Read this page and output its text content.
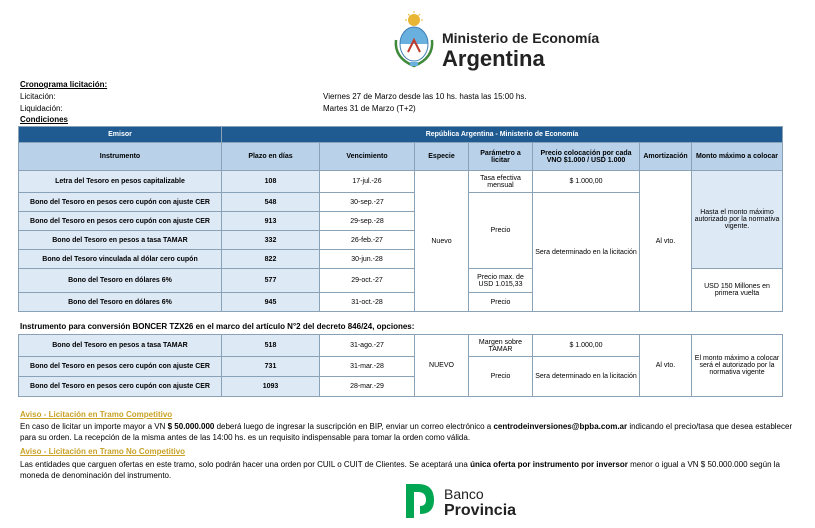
Ministerio de Economía
Argentina
Cronograma licitación:
Licitación:	Viernes 27 de Marzo desde las 10 hs. hasta las 15:00 hs.
Liquidación:	Martes 31 de Marzo (T+2)
Condiciones
Emisor	República Argentina - Ministerio de Economía						
Instrumento	Plazo en días	Vencimiento	Especie	Parámetro a licitar	Precio colocación por cada VNO $1.000 / USD 1.000	Amortización	Monto máximo a colocar
Letra del Tesoro en pesos capitalizable	108	17-jul.-26	Nuevo	Tasa efectiva mensual	$ 1.000,00	Al vto.	Hasta el monto máximo autorizado por la normativa vigente.
Bono del Tesoro en pesos cero cupón con ajuste CER	548	30-sep.-27		Precio	Sera determinado en la licitación		
Bono del Tesoro en pesos cero cupón con ajuste CER	913	29-sep.-28					
Bono del Tesoro en pesos a tasa TAMAR	332	26-feb.-27					
Bono del Tesoro vinculada al dólar cero cupón	822	30-jun.-28					
Bono del Tesoro en dólares 6%	577	29-oct.-27		Precio max. de USD 1.015,33			USD 150 Millones en primera vuelta
Bono del Tesoro en dólares 6%	945	31-oct.-28		Precio			
Instrumento para conversión BONCER TZX26 en el marco del artículo N°2 del decreto 846/24, opciones:
Bono del Tesoro en pesos a tasa TAMAR	518	31-ago.-27	NUEVO	Margen sobre TAMAR	$ 1.000,00	Al vto.	El monto máximo a colocar será el autorizado por la normativa vigente
Bono del Tesoro en pesos cero cupón con ajuste CER	731	31-mar.-28		Precio	Sera determinado en la licitación		
Bono del Tesoro en pesos cero cupón con ajuste CER	1093	28-mar.-29					
Aviso - Licitación en Tramo Competitivo
En caso de licitar un importe mayor a VN $ 50.000.000 deberá luego de ingresar la suscripción en BIP, enviar un correo electrónico a centrodeinversiones@bpba.com.ar indicando el precio/tasa que desea establecer para su orden. La recepción de la misma antes de las 14:00 hs. es un requisito indispensable para tomar la orden como válida.
Aviso - Licitación en Tramo No Competitivo
Las entidades que carguen ofertas en este tramo, solo podrán hacer una orden por CUIL o CUIT de Clientes. Se aceptará una única oferta por instrumento por inversor menor o igual a VN $ 50.000.000 según la moneda de denominación del instrumento.
Banco
Provincia
